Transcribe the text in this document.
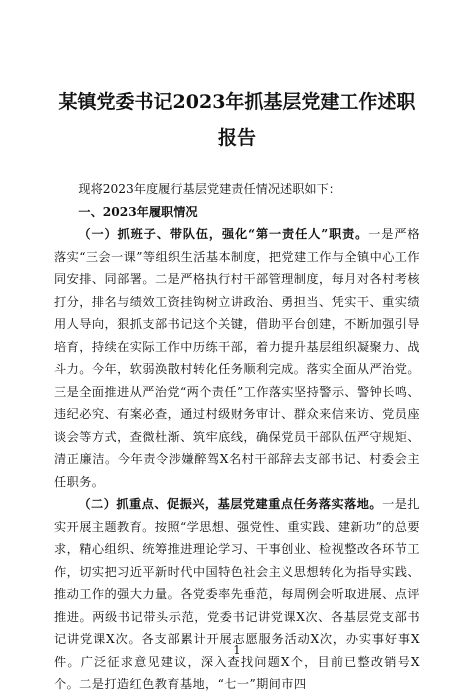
某镇党委书记2023年抓基层党建工作述职
报告

现将2023年度履行基层党建责任情况述职如下：

一、2023年履职情况

（一）抓班子、带队伍，强化“第一责任人”职责。一是严格落实“三会一课”等组织生活基本制度，把党建工作与全镇中心工作同安排、同部署。二是严格执行村干部管理制度，每月对各村考核打分，排名与绩效工资挂钩树立讲政治、勇担当、凭实干、重实绩用人导向，狠抓支部书记这个关键，借助平台创建，不断加强引导培育，持续在实际工作中历练干部，着力提升基层组织凝聚力、战斗力。今年，软弱涣散村转化任务顺利完成。落实全面从严治党。三是全面推进从严治党“两个责任”工作落实坚持警示、警钟长鸣、违纪必究、有案必查，通过村级财务审计、群众来信来访、党员座谈会等方式，查微杜渐、筑牢底线，确保党员干部队伍严守规矩、清正廉洁。今年责令涉嫌醉驾X名村干部辞去支部书记、村委会主任职务。

（二）抓重点、促振兴，基层党建重点任务落实落地。一是扎实开展主题教育。按照“学思想、强党性、重实践、建新功”的总要求，精心组织、统筹推进理论学习、干事创业、检视整改各环节工作，切实把习近平新时代中国特色社会主义思想转化为指导实践、推动工作的强大力量。各党委率先垂范，每周例会听取进展、点评推进。两级书记带头示范，党委书记讲党课X次、各基层党支部书记讲党课X次。各支部累计开展志愿服务活动X次，办实事好事X件。广泛征求意见建议，深入查找问题X个，目前已整改销号X个。二是打造红色教育基地，“七一”期间市四

1
